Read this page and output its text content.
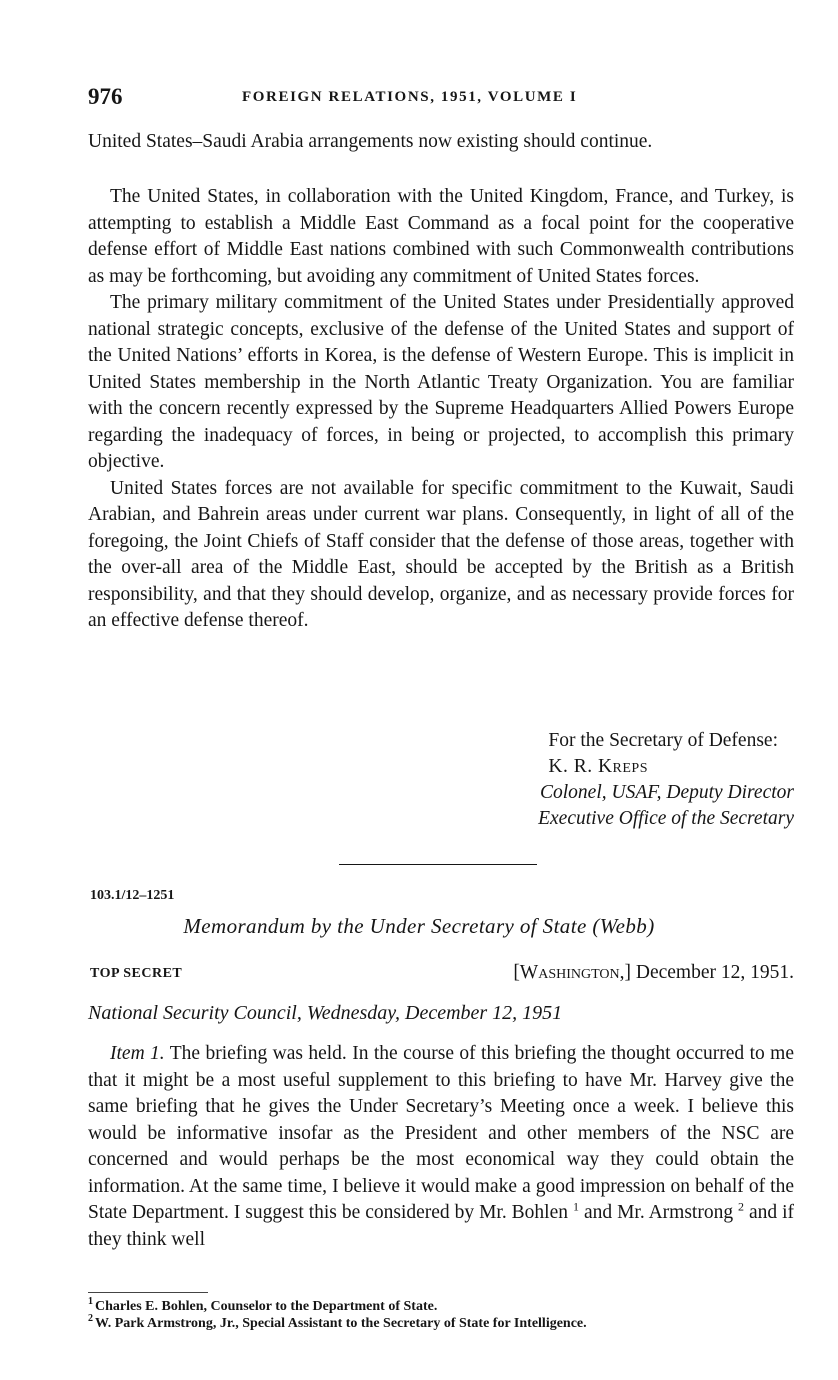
976	FOREIGN RELATIONS, 1951, VOLUME I

United States–Saudi Arabia arrangements now existing should continue.

The United States, in collaboration with the United Kingdom, France, and Turkey, is attempting to establish a Middle East Command as a focal point for the cooperative defense effort of Middle East nations combined with such Commonwealth contributions as may be forthcoming, but avoiding any commitment of United States forces.

The primary military commitment of the United States under Presidentially approved national strategic concepts, exclusive of the defense of the United States and support of the United Nations’ efforts in Korea, is the defense of Western Europe. This is implicit in United States membership in the North Atlantic Treaty Organization. You are familiar with the concern recently expressed by the Supreme Headquarters Allied Powers Europe regarding the inadequacy of forces, in being or projected, to accomplish this primary objective.

United States forces are not available for specific commitment to the Kuwait, Saudi Arabian, and Bahrein areas under current war plans. Consequently, in light of all of the foregoing, the Joint Chiefs of Staff consider that the defense of those areas, together with the over-all area of the Middle East, should be accepted by the British as a British responsibility, and that they should develop, organize, and as necessary provide forces for an effective defense thereof.

For the Secretary of Defense:
K. R. Kreps
Colonel, USAF, Deputy Director
Executive Office of the Secretary
103.1/12–1251
Memorandum by the Under Secretary of State (Webb)
TOP SECRET	[Washington,] December 12, 1951.
National Security Council, Wednesday, December 12, 1951

Item 1. The briefing was held. In the course of this briefing the thought occurred to me that it might be a most useful supplement to this briefing to have Mr. Harvey give the same briefing that he gives the Under Secretary’s Meeting once a week. I believe this would be informative insofar as the President and other members of the NSC are concerned and would perhaps be the most economical way they could obtain the information. At the same time, I believe it would make a good impression on behalf of the State Department. I suggest this be considered by Mr. Bohlen $^1$ and Mr. Armstrong $^2$ and if they think well

$^1$ Charles E. Bohlen, Counselor to the Department of State.

$^2$ W. Park Armstrong, Jr., Special Assistant to the Secretary of State for Intelligence.
